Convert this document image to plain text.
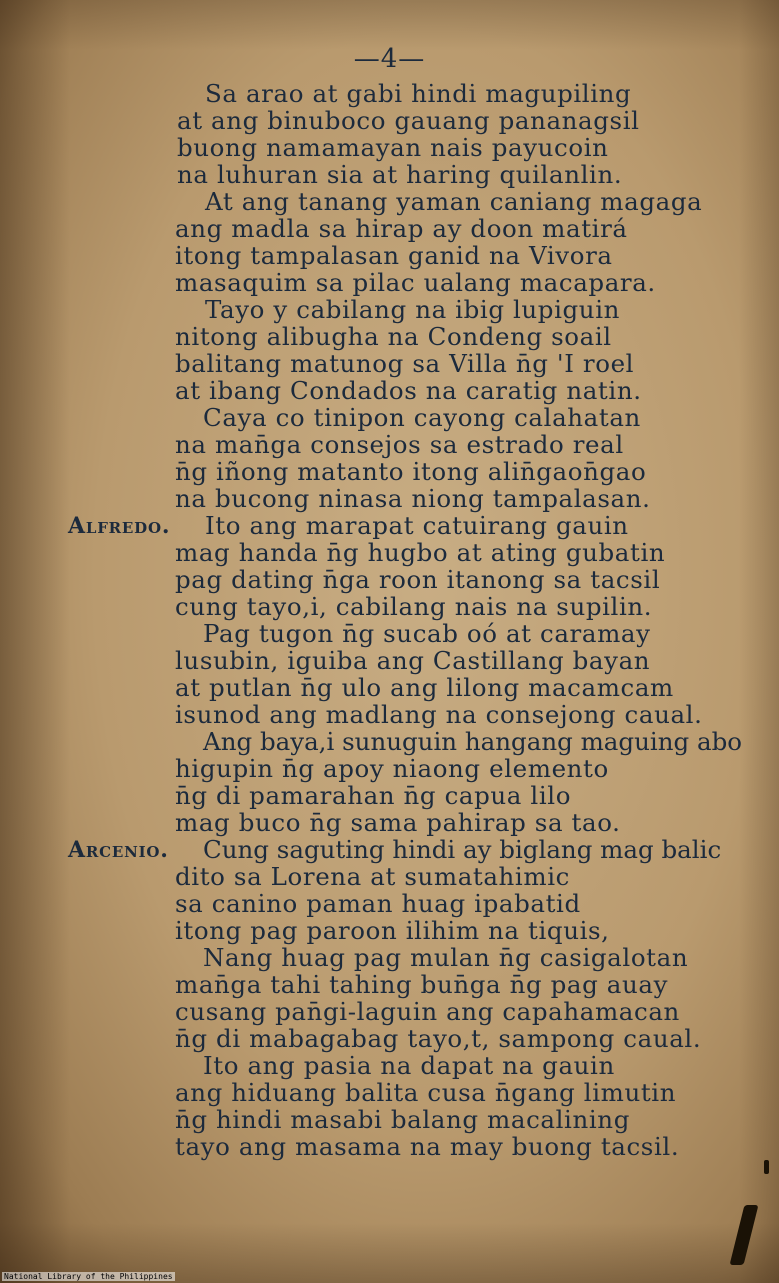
—4—
Sa arao at gabi hindi magupiling
at ang binuboco gauang pananagsil
buong namamayan nais payucoin
na luhuran sia at haring quilanlin.
At ang tanang yaman caniang magaga
ang madla sa hirap ay doon matirá
itong tampalasan ganid na Vivora
masaquim sa pilac ualang macapara.
Tayo y cabilang na ibig lupiguin
nitong alibugha na Condeng soail
balitang matunog sa Villa n̄g 'I roel
at ibang Condados na caratig natin.
Caya co tinipon cayong calahatan
na man̄ga consejos sa estrado real
n̄g iñong matanto itong alin̄gaon̄gao
na bucong ninasa niong tampalasan.
Alfredo. Ito ang marapat catuirang gauin
mag handa n̄g hugbo at ating gubatin
pag dating n̄ga roon itanong sa tacsil
cung tayo,i, cabilang nais na supilin.
Pag tugon n̄g sucab oó at caramay
lusubin, iguiba ang Castillang bayan
at putlan n̄g ulo ang lilong macamcam
isunod ang madlang na consejong caual.
Ang baya,i sunuguin hangang maguing abo
higupin n̄g apoy niaong elemento
n̄g di pamarahan n̄g capua lilo
mag buco n̄g sama pahirap sa tao.
Arcenio. Cung saguting hindi ay biglang mag balic
dito sa Lorena at sumatahimic
sa canino paman huag ipabatid
itong pag paroon ilihim na tiquis,
Nang huag pag mulan n̄g casigalotan
man̄ga tahi tahing bun̄ga n̄g pag auay
cusang pan̄gi-laguin ang capahamacan
n̄g di mabagabag tayo,t, sampong caual.
Ito ang pasia na dapat na gauin
ang hiduang balita cusa n̄gang limutin
n̄g hindi masabi balang macalining
tayo ang masama na may buong tacsil.
National Library of the Philippines
